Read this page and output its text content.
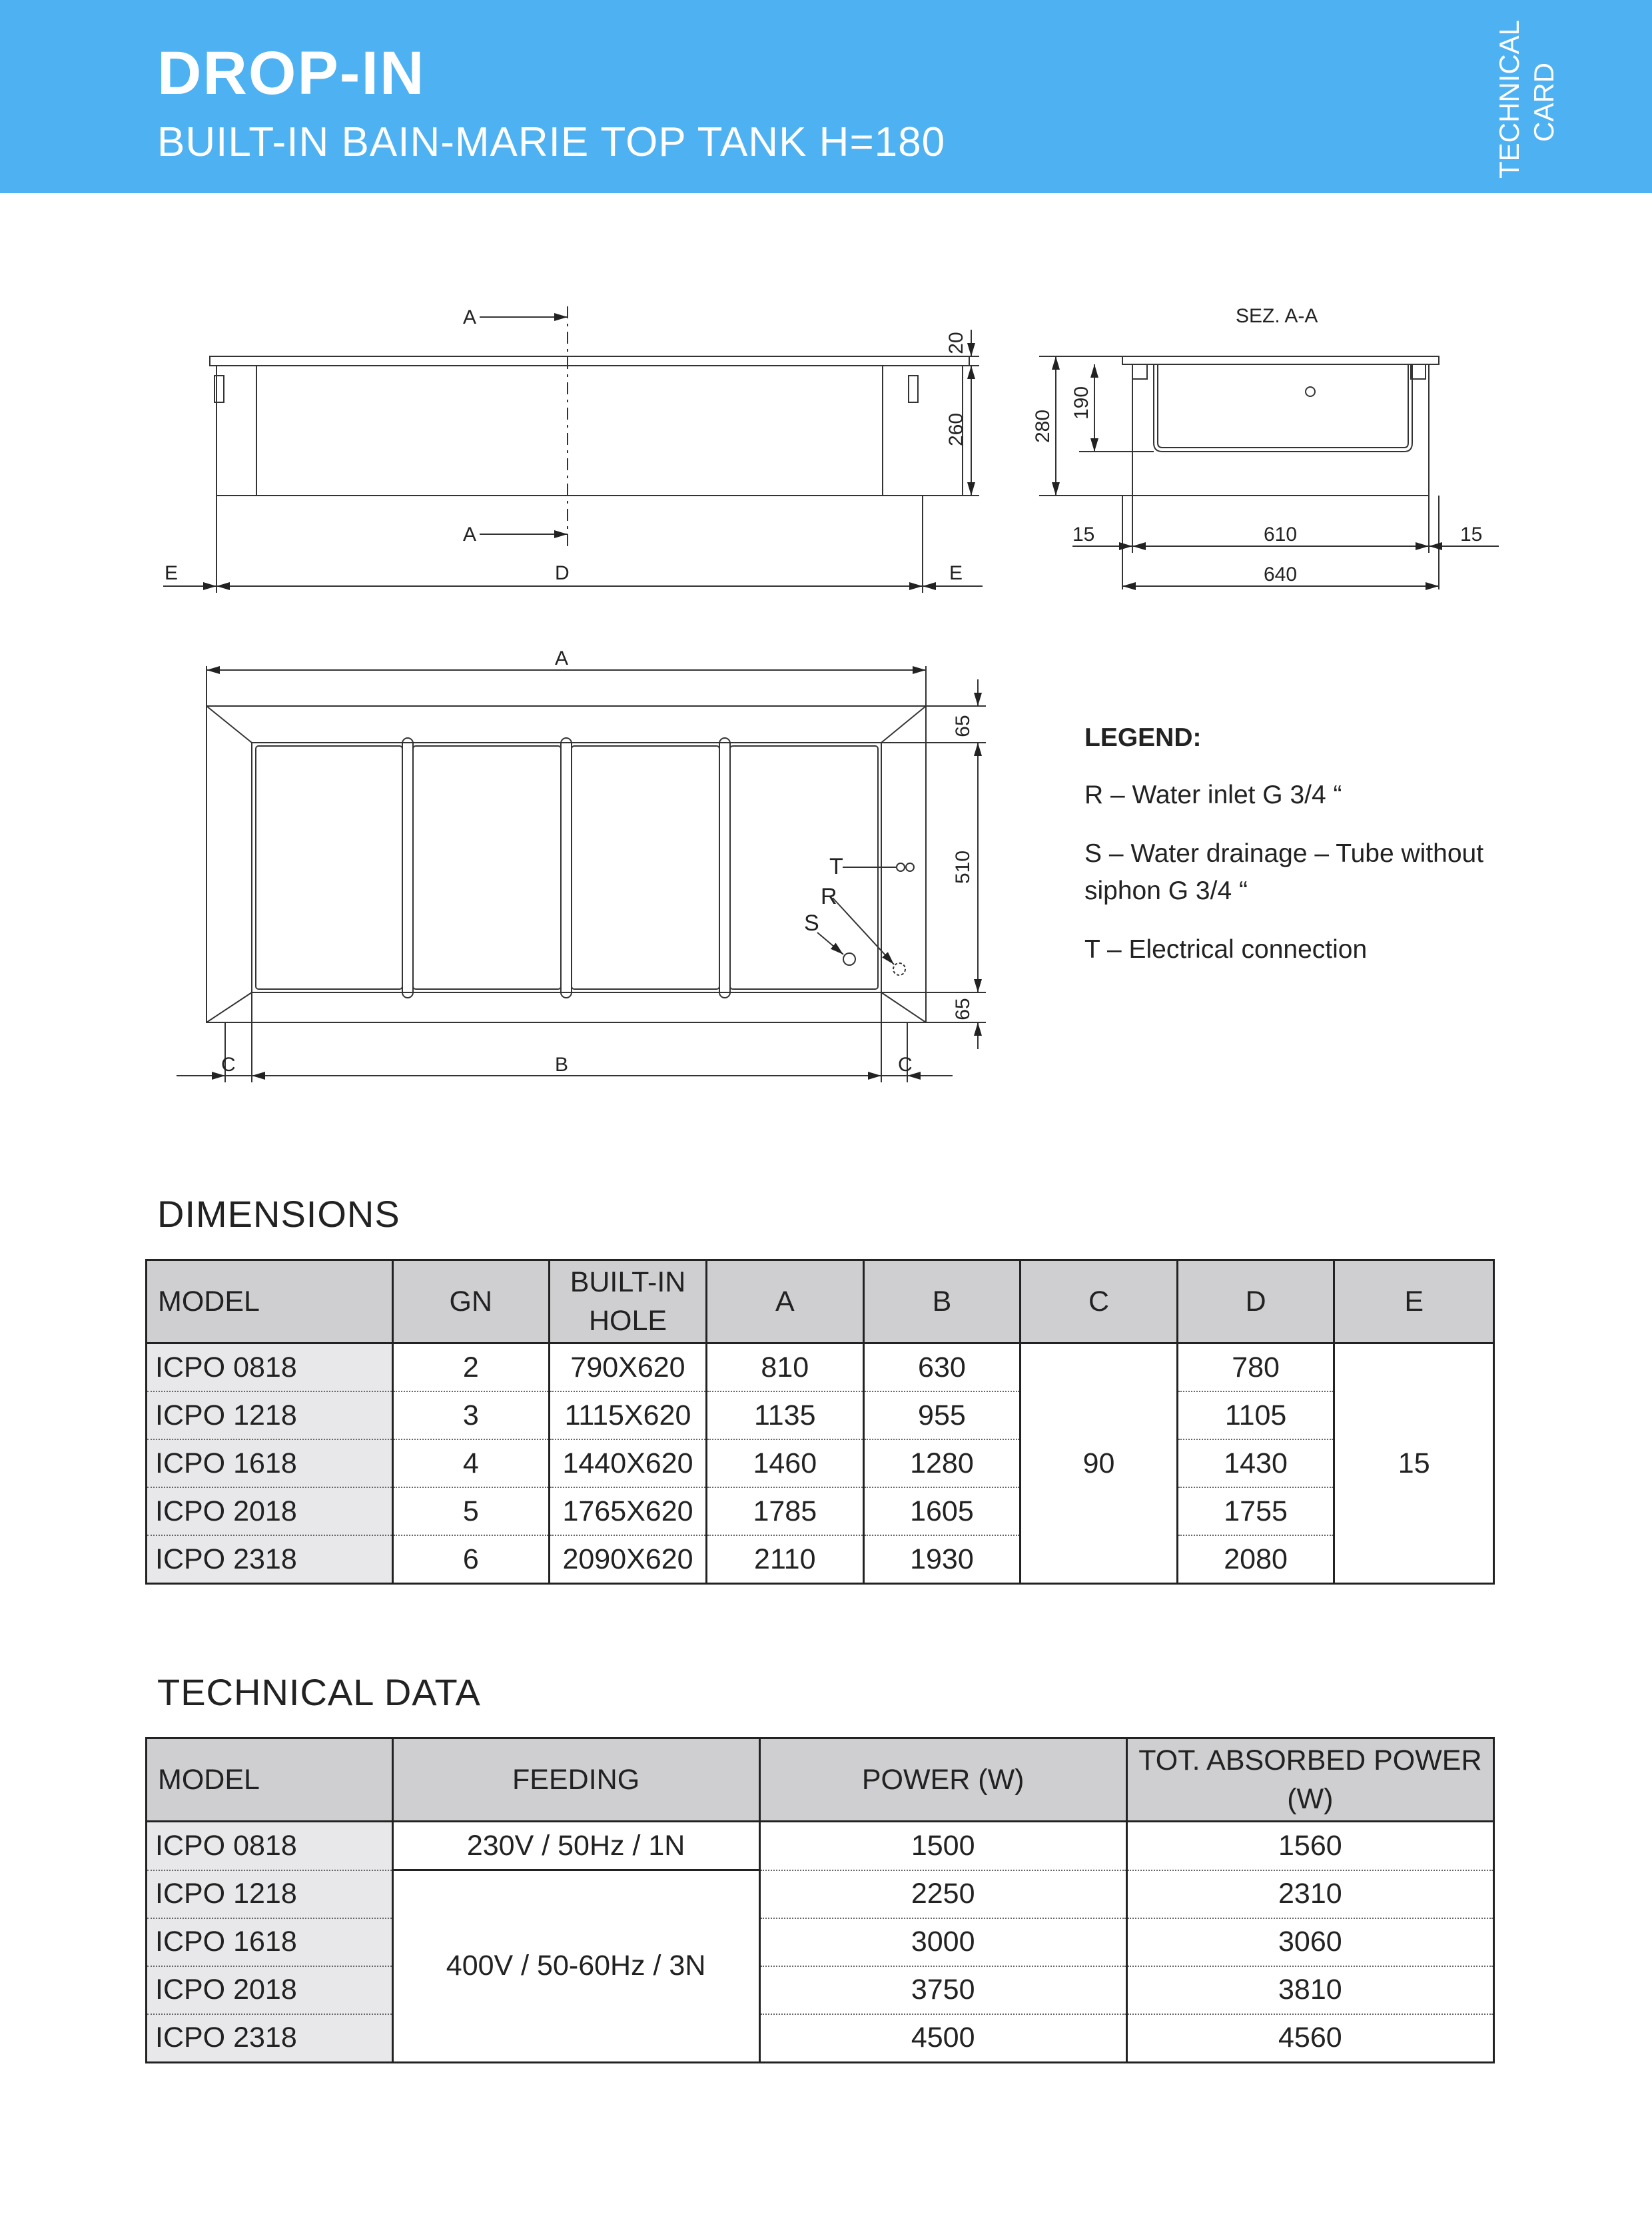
DROP-IN
BUILT-IN BAIN-MARIE TOP TANK H=180	TECHNICAL CARD
A
A
20
260
E	D	E
SEZ. A-A
280
190
15	610	15
640
A
C	B	C
65
510
65
T
R
S
LEGEND:
R – Water inlet G 3/4 “
S – Water drainage – Tube without siphon G 3/4 “
T – Electrical connection
DIMENSIONS
MODEL	GN	BUILT-IN HOLE	A	B	C	D	E
ICPO 0818	2	790X620	810	630	90	780	15
ICPO 1218	3	1115X620	1135	955		1105	
ICPO 1618	4	1440X620	1460	1280		1430	
ICPO 2018	5	1765X620	1785	1605		1755	
ICPO 2318	6	2090X620	2110	1930		2080	
TECHNICAL DATA
MODEL	FEEDING	POWER (W)	TOT. ABSORBED POWER (W)
ICPO 0818	230V / 50Hz / 1N	1500	1560
ICPO 1218	400V / 50-60Hz / 3N	2250	2310
ICPO 1618		3000	3060
ICPO 2018		3750	3810
ICPO 2318		4500	4560
